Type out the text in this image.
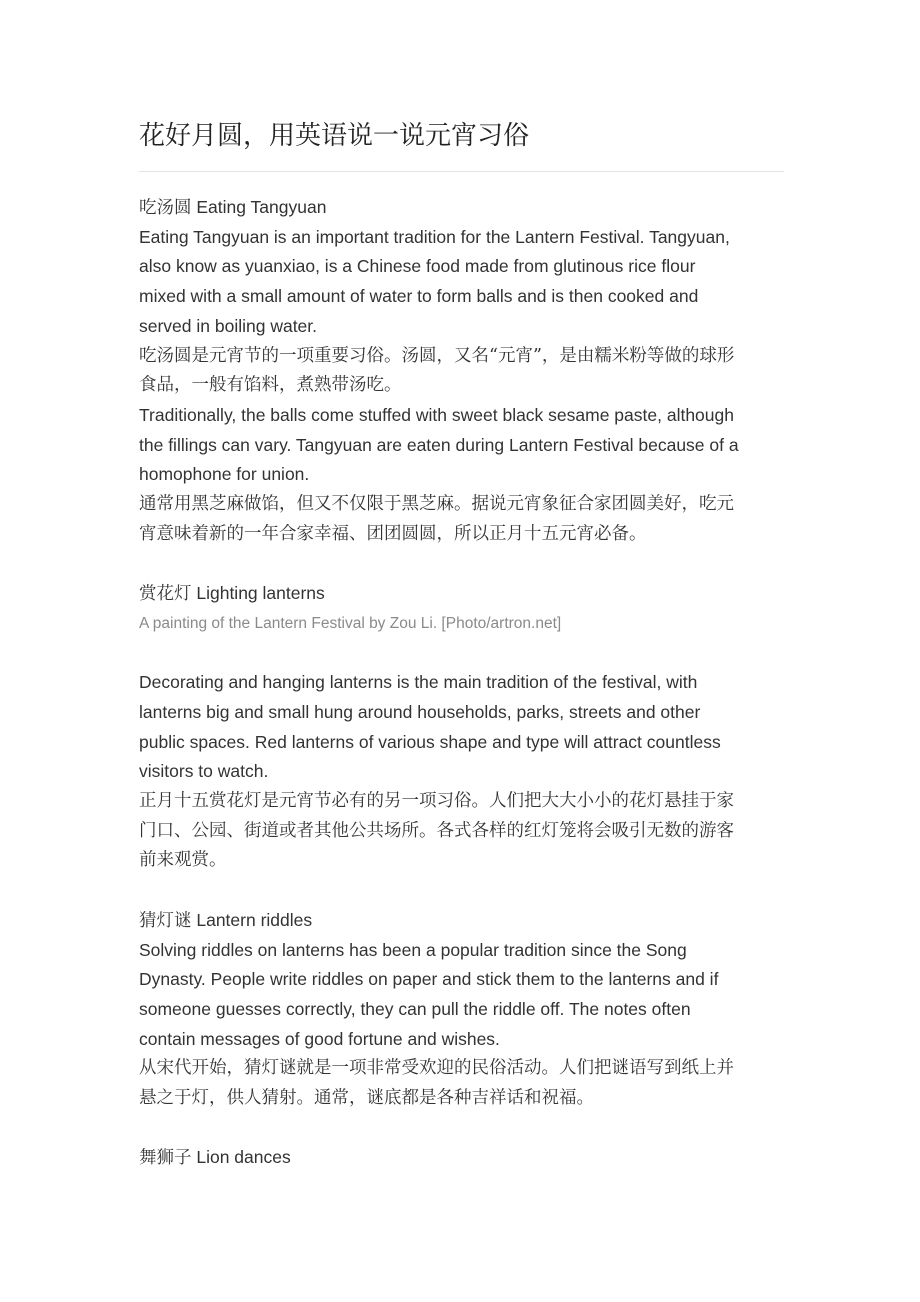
花好月圆，用英语说一说元宵习俗

吃汤圆 Eating Tangyuan

Eating Tangyuan is an important tradition for the Lantern Festival. Tangyuan,

also know as yuanxiao, is a Chinese food made from glutinous rice flour

mixed with a small amount of water to form balls and is then cooked and

served in boiling water.

吃汤圆是元宵节的一项重要习俗。汤圆，又名“元宵”，是由糯米粉等做的球形

食品，一般有馅料，煮熟带汤吃。

Traditionally, the balls come stuffed with sweet black sesame paste, although

the fillings can vary. Tangyuan are eaten during Lantern Festival because of a

homophone for union.

通常用黑芝麻做馅，但又不仅限于黑芝麻。据说元宵象征合家团圆美好，吃元

宵意味着新的一年合家幸福、团团圆圆，所以正月十五元宵必备。

赏花灯 Lighting lanterns

A painting of the Lantern Festival by Zou Li. [Photo/artron.net]

Decorating and hanging lanterns is the main tradition of the festival, with

lanterns big and small hung around households, parks, streets and other

public spaces. Red lanterns of various shape and type will attract countless

visitors to watch.

正月十五赏花灯是元宵节必有的另一项习俗。人们把大大小小的花灯悬挂于家

门口、公园、街道或者其他公共场所。各式各样的红灯笼将会吸引无数的游客

前来观赏。

猜灯谜 Lantern riddles

Solving riddles on lanterns has been a popular tradition since the Song

Dynasty. People write riddles on paper and stick them to the lanterns and if

someone guesses correctly, they can pull the riddle off. The notes often

contain messages of good fortune and wishes.

从宋代开始，猜灯谜就是一项非常受欢迎的民俗活动。人们把谜语写到纸上并

悬之于灯，供人猜射。通常，谜底都是各种吉祥话和祝福。

舞狮子 Lion dances
